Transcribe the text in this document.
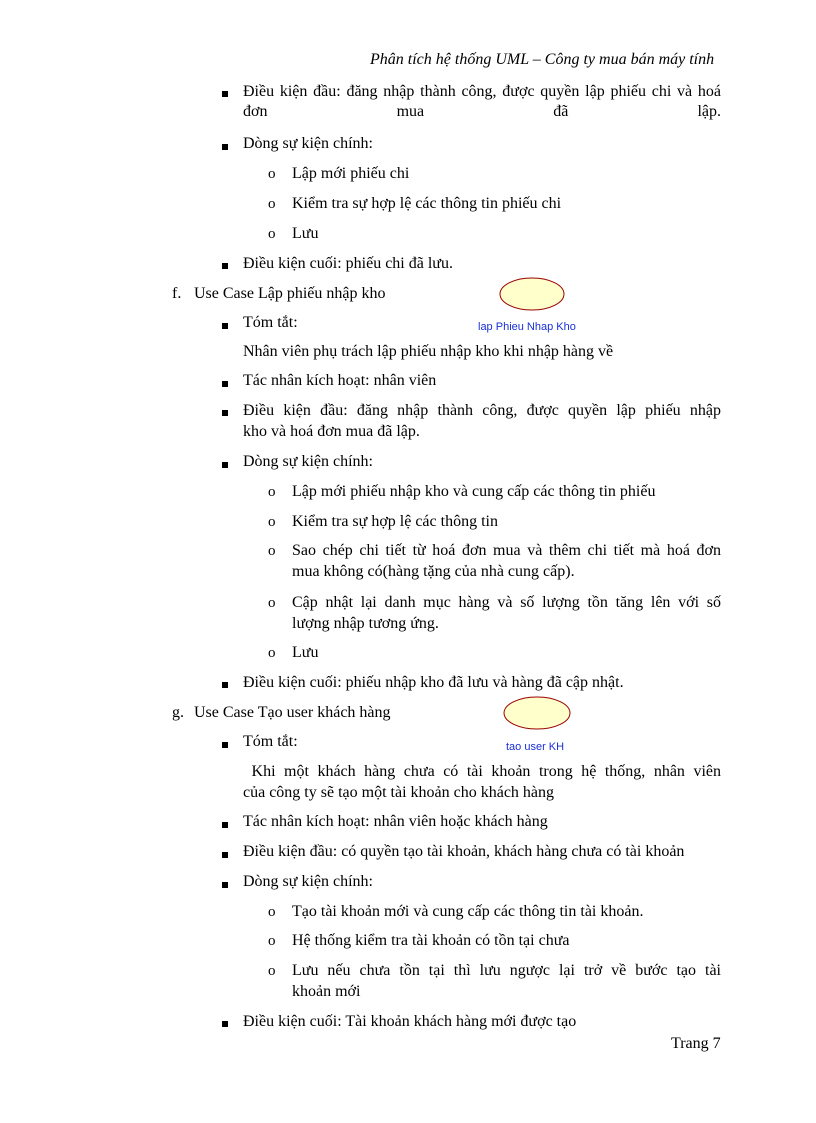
Phân tích hệ thống UML – Công ty mua bán máy tính
Điều kiện đầu: đăng nhập thành công, được quyền lập phiếu chi và hoá đơn mua đã lập.
Dòng sự kiện chính:
o Lập mới phiếu chi
o Kiểm tra sự hợp lệ các thông tin phiếu chi
o Lưu
Điều kiện cuối: phiếu chi đã lưu.
f. Use Case Lập phiếu nhập kho
lap Phieu Nhap Kho
Tóm tắt:
Nhân viên phụ trách lập phiếu nhập kho khi nhập hàng về
Tác nhân kích hoạt: nhân viên
Điều kiện đầu: đăng nhập thành công, được quyền lập phiếu nhập
kho và hoá đơn mua đã lập.
Dòng sự kiện chính:
o Lập mới phiếu nhập kho và cung cấp các thông tin phiếu
o Kiểm tra sự hợp lệ các thông tin
o Sao chép chi tiết từ hoá đơn mua và thêm chi tiết mà hoá đơn
mua không có(hàng tặng của nhà cung cấp).
o Cập nhật lại danh mục hàng và số lượng tồn tăng lên với số
lượng nhập tương ứng.
o Lưu
Điều kiện cuối: phiếu nhập kho đã lưu và hàng đã cập nhật.
g. Use Case Tạo user khách hàng
tao user KH
Tóm tắt:
Khi một khách hàng chưa có tài khoản trong hệ thống, nhân viên
của công ty sẽ tạo một tài khoản cho khách hàng
Tác nhân kích hoạt: nhân viên hoặc khách hàng
Điều kiện đầu: có quyền tạo tài khoản, khách hàng chưa có tài khoản
Dòng sự kiện chính:
o Tạo tài khoản mới và cung cấp các thông tin tài khoản.
o Hệ thống kiểm tra tài khoản có tồn tại chưa
o Lưu nếu chưa tồn tại thì lưu ngược lại trở về bước tạo tài
khoản mới
Điều kiện cuối: Tài khoản khách hàng mới được tạo
Trang 7
